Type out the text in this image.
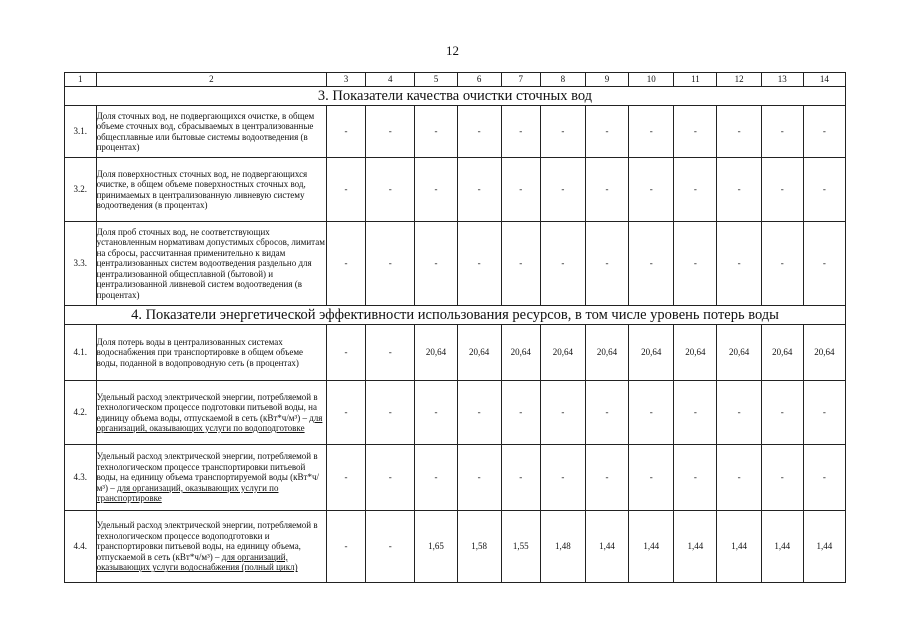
12
1	2	3	4	5	6	7	8	9	10	11	12	13	14
3. Показатели качества очистки сточных вод													
3.1.	Доля сточных вод, не подвергающихся очистке, в общем объеме сточных вод, сбрасываемых в централизованные общесплавные или бытовые системы водоотведения (в процентах)	-	-	-	-	-	-	-	-	-	-	-	-
3.2.	Доля поверхностных сточных вод, не подвергающихся очистке, в общем объеме поверхностных сточных вод, принимаемых в централизованную ливневую систему водоотведения (в процентах)	-	-	-	-	-	-	-	-	-	-	-	-
3.3.	Доля проб сточных вод, не соответствующих установленным нормативам допустимых сбросов, лимитам на сбросы, рассчитанная применительно к видам централизованных систем водоотведения раздельно для централизованной общесплавной (бытовой) и централизованной ливневой систем водоотведения (в процентах)	-	-	-	-	-	-	-	-	-	-	-	-
4. Показатели энергетической эффективности использования ресурсов, в том числе уровень потерь воды													
4.1.	Доля потерь воды в централизованных системах водоснабжения при транспортировке в общем объеме воды, поданной в водопроводную сеть (в процентах)	-	-	20,64	20,64	20,64	20,64	20,64	20,64	20,64	20,64	20,64	20,64
4.2.	Удельный расход электрической энергии, потребляемой в технологическом процессе подготовки питьевой воды, на единицу объема воды, отпускаемой в сеть (кВт*ч/м³) – для организаций, оказывающих услуги по водоподготовке	-	-	-	-	-	-	-	-	-	-	-	-
4.3.	Удельный расход электрической энергии, потребляемой в технологическом процессе транспортировки питьевой воды, на единицу объема транспортируемой воды (кВт*ч/м³) – для организаций, оказывающих услуги по транспортировке	-	-	-	-	-	-	-	-	-	-	-	-
4.4.	Удельный расход электрической энергии, потребляемой в технологическом процессе водоподготовки и транспортировки питьевой воды, на единицу объема, отпускаемой в сеть (кВт*ч/м³) – для организаций, оказывающих услуги водоснабжения (полный цикл)	-	-	1,65	1,58	1,55	1,48	1,44	1,44	1,44	1,44	1,44	1,44
